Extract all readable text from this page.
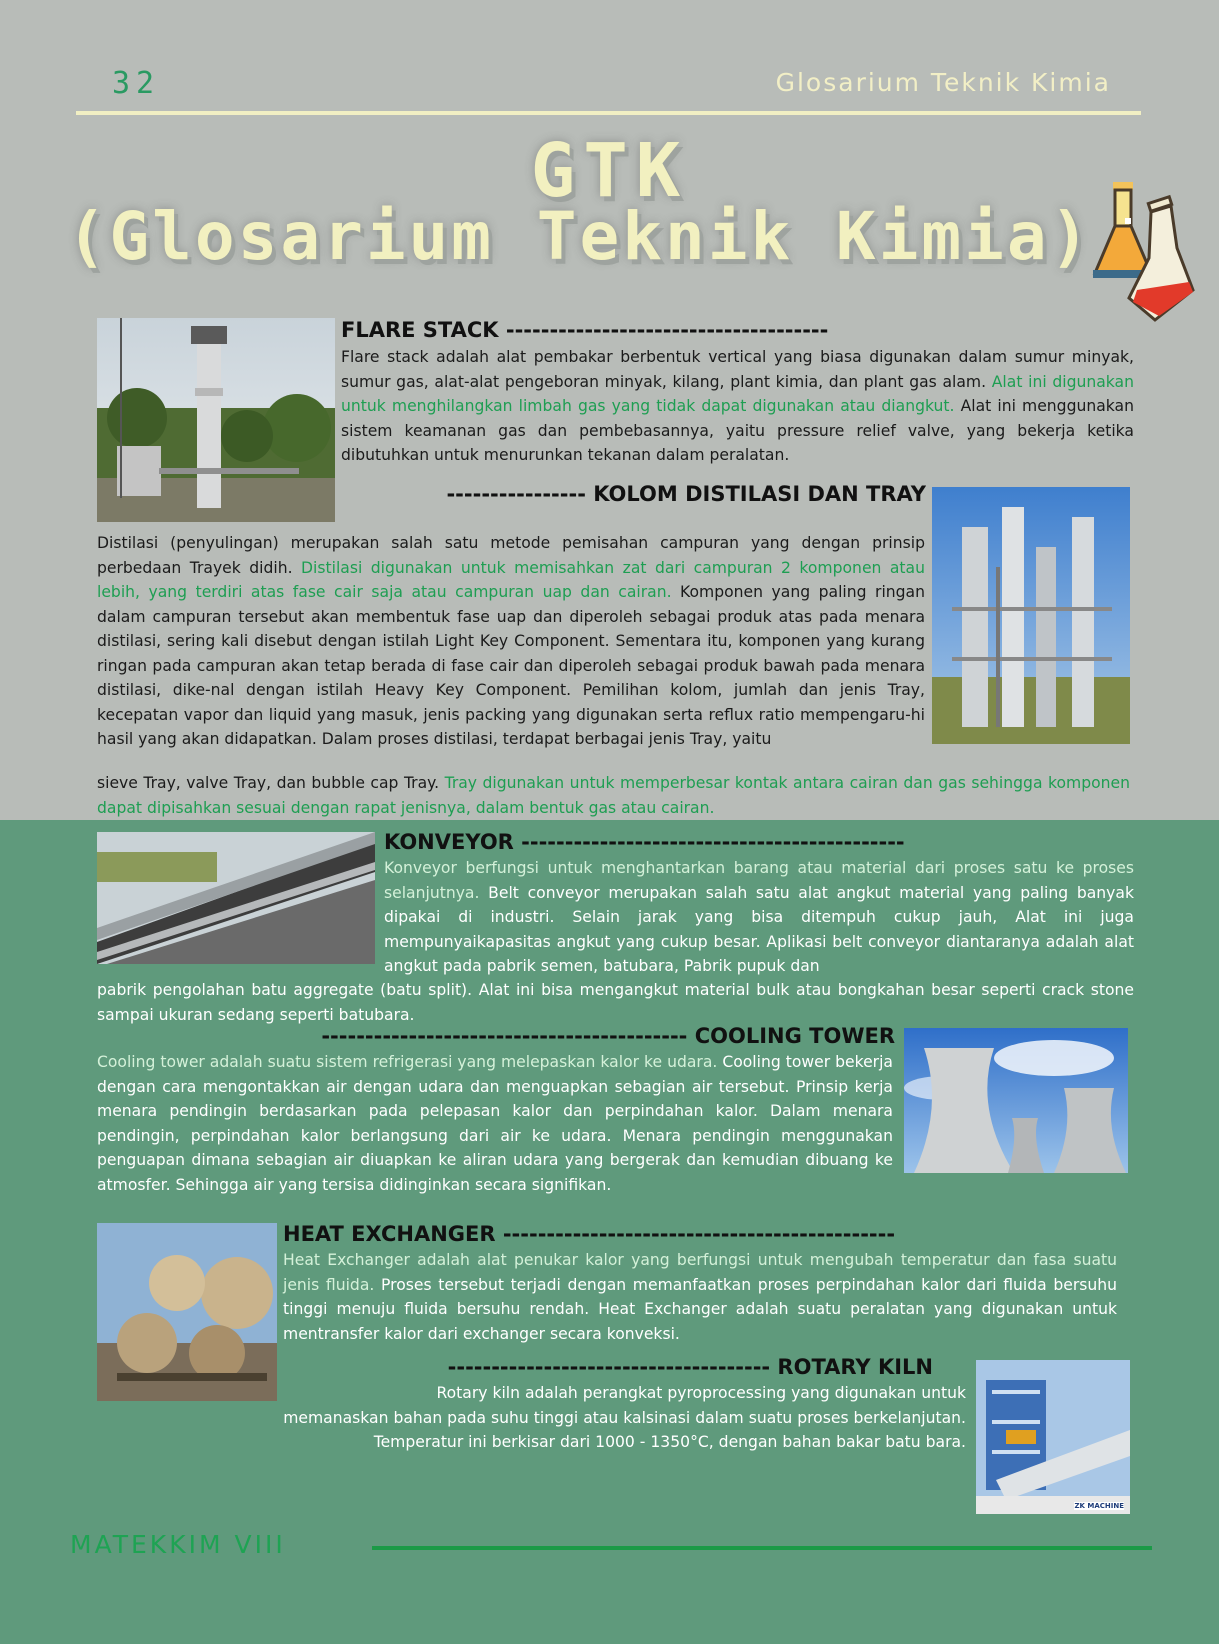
32	Glosarium Teknik Kimia
GTK
(Glosarium Teknik Kimia)
FLARE STACK -------------------------------------
Flare stack adalah alat pembakar berbentuk vertical yang biasa digunakan dalam sumur minyak, sumur gas, alat-alat pengeboran minyak, kilang, plant kimia, dan plant gas alam. Alat ini digunakan untuk menghilangkan limbah gas yang tidak dapat digunakan atau diangkut. Alat ini menggunakan sistem keamanan gas dan pembebasannya, yaitu pressure relief valve, yang bekerja ketika dibutuhkan untuk menurunkan tekanan dalam peralatan.
---------------- KOLOM DISTILASI DAN TRAY
Distilasi (penyulingan) merupakan salah satu metode pemisahan campuran yang dengan prinsip perbedaan Trayek didih. Distilasi digunakan untuk memisahkan zat dari campuran 2 komponen atau lebih, yang terdiri atas fase cair saja atau campuran uap dan cairan. Komponen yang paling ringan dalam campuran tersebut akan membentuk fase uap dan diperoleh sebagai produk atas pada menara distilasi, sering kali disebut dengan istilah Light Key Component. Sementara itu, komponen yang kurang ringan pada campuran akan tetap berada di fase cair dan diperoleh sebagai produk bawah pada menara distilasi, dike-nal dengan istilah Heavy Key Component. Pemilihan kolom, jumlah dan jenis Tray, kecepatan vapor dan liquid yang masuk, jenis packing yang digunakan serta reflux ratio mempengaru-hi hasil yang akan didapatkan. Dalam proses distilasi, terdapat berbagai jenis Tray, yaitu
sieve Tray, valve Tray, dan bubble cap Tray. Tray digunakan untuk memperbesar kontak antara cairan dan gas sehingga komponen dapat dipisahkan sesuai dengan rapat jenisnya, dalam bentuk gas atau cairan.
KONVEYOR --------------------------------------------
Konveyor berfungsi untuk menghantarkan barang atau material dari proses satu ke proses selanjutnya. Belt conveyor merupakan salah satu alat angkut material yang paling banyak dipakai di industri. Selain jarak yang bisa ditempuh cukup jauh, Alat ini juga mempunyaikapasitas angkut yang cukup besar. Aplikasi belt conveyor diantaranya adalah alat angkut pada pabrik semen, batubara, Pabrik pupuk dan
pabrik pengolahan batu aggregate (batu split). Alat ini bisa mengangkut material bulk atau bongkahan besar seperti crack stone sampai ukuran sedang seperti batubara.
------------------------------------------ COOLING TOWER
Cooling tower adalah suatu sistem refrigerasi yang melepaskan kalor ke udara. Cooling tower bekerja dengan cara mengontakkan air dengan udara dan menguapkan sebagian air tersebut. Prinsip kerja menara pendingin berdasarkan pada pelepasan kalor dan perpindahan kalor. Dalam menara pendingin, perpindahan kalor berlangsung dari air ke udara. Menara pendingin menggunakan penguapan dimana sebagian air diuapkan ke aliran udara yang bergerak dan kemudian dibuang ke atmosfer. Sehingga air yang tersisa didinginkan secara signifikan.
HEAT EXCHANGER ---------------------------------------------
Heat Exchanger adalah alat penukar kalor yang berfungsi untuk mengubah temperatur dan fasa suatu jenis fluida. Proses tersebut terjadi dengan memanfaatkan proses perpindahan kalor dari fluida bersuhu tinggi menuju fluida bersuhu rendah. Heat Exchanger adalah suatu peralatan yang digunakan untuk mentransfer kalor dari exchanger secara konveksi.
------------------------------------- ROTARY KILN
ZK MACHINE
Rotary kiln adalah perangkat pyroprocessing yang digunakan untuk
memanaskan bahan pada suhu tinggi atau kalsinasi dalam suatu proses berkelanjutan.
Temperatur ini berkisar dari 1000 - 1350°C, dengan bahan bakar batu bara.
MATEKKIM VIII
